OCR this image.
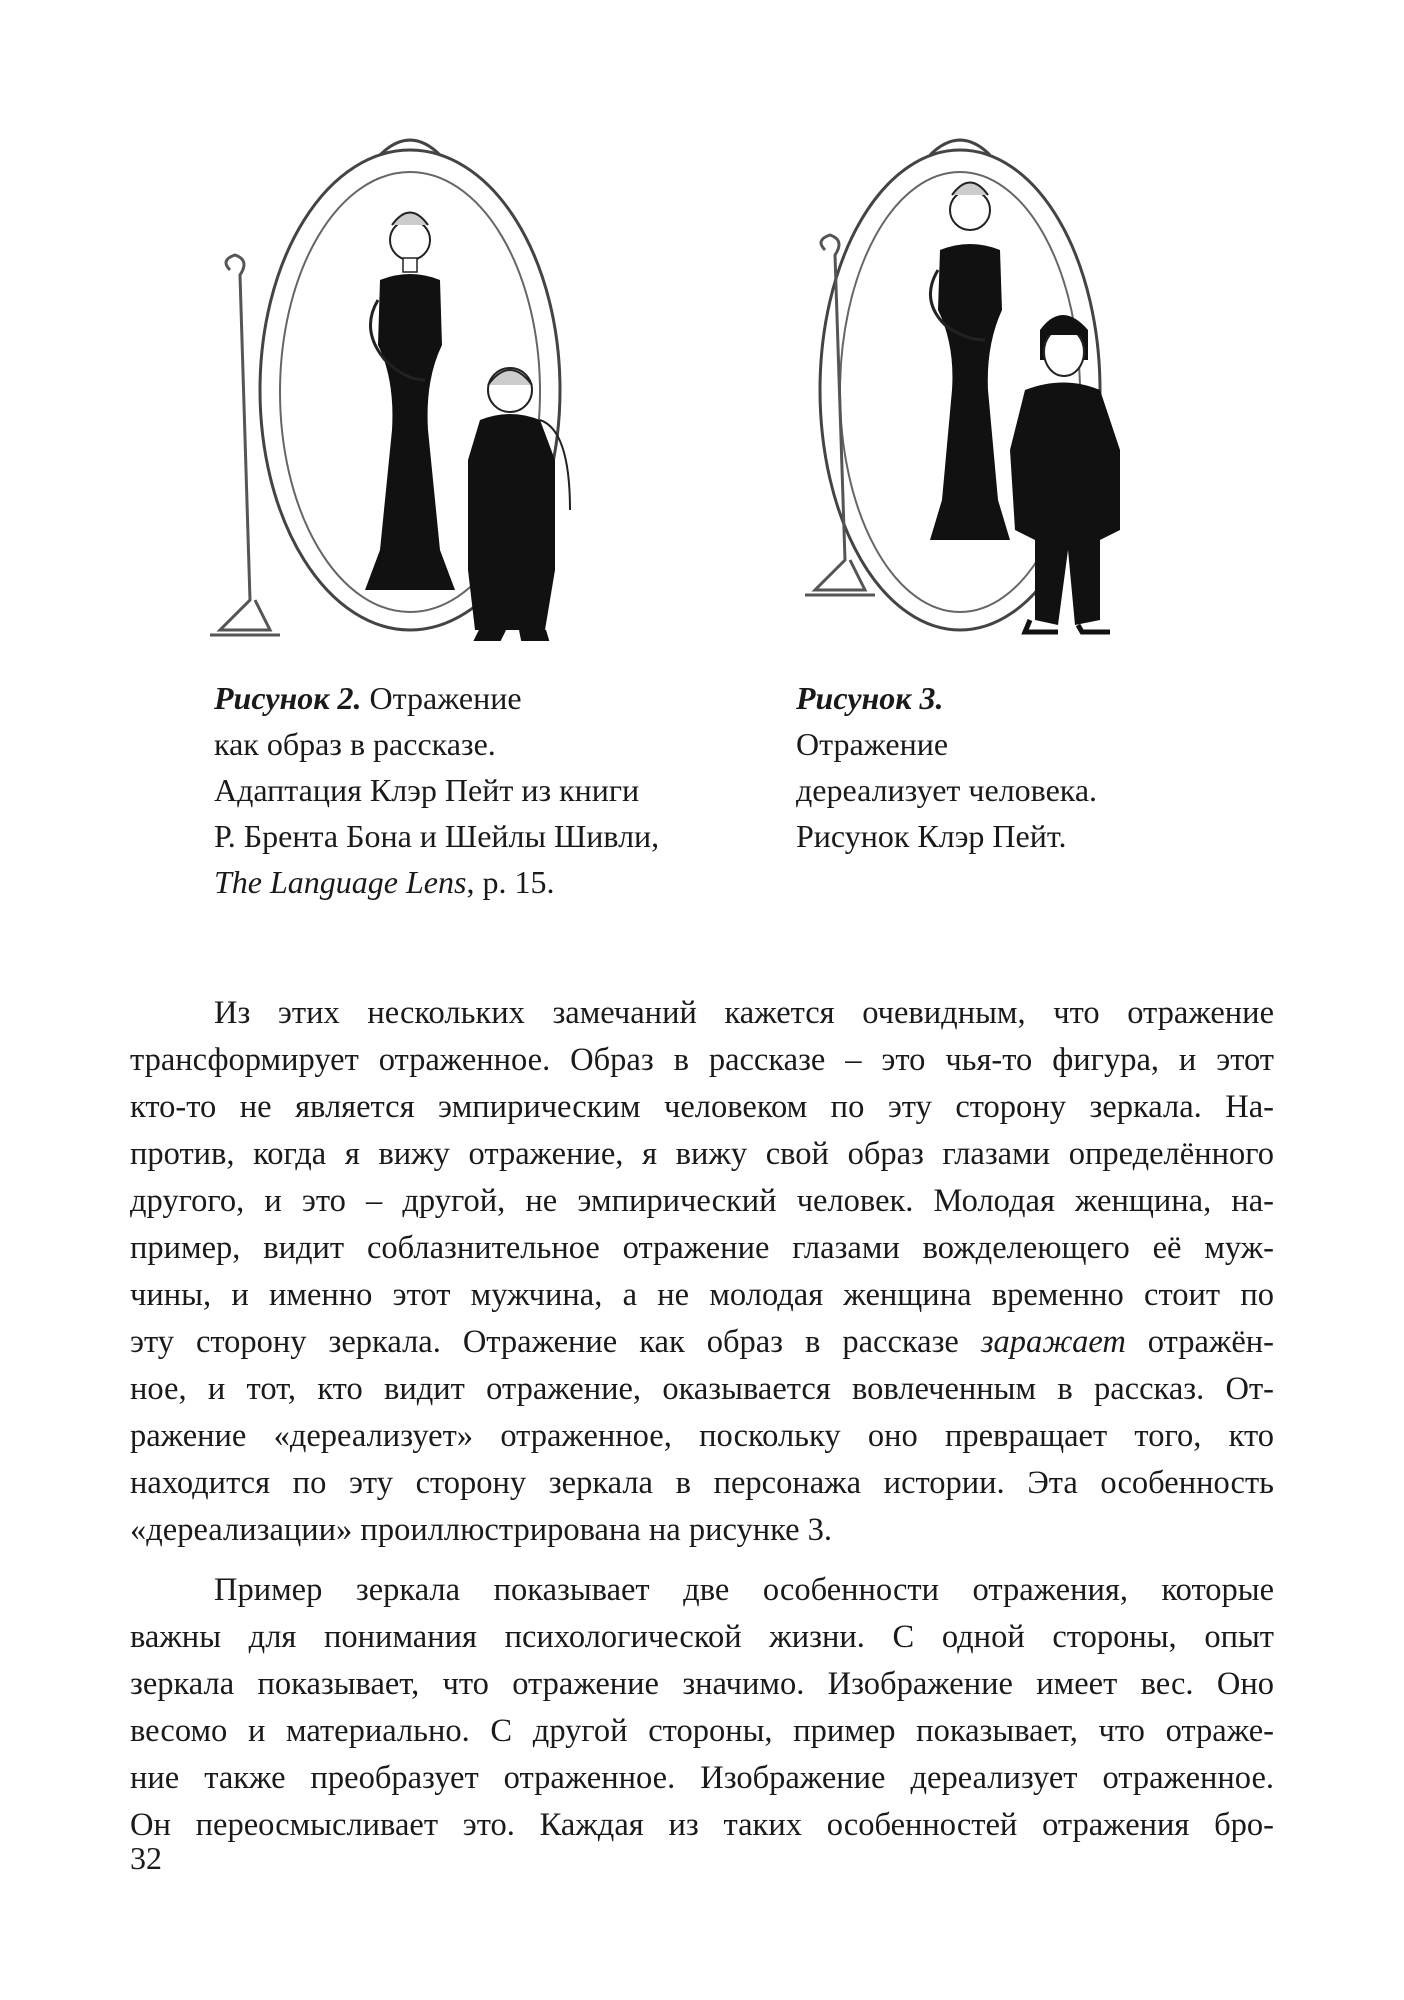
Рисунок 2. Отражение
как образ в рассказе.
Адаптация Клэр Пейт из книги
Р. Брента Бона и Шейлы Шивли,
The Language Lens, p. 15.
Рисунок 3.
Отражение
дереализует человека.
Рисунок Клэр Пейт.
Из этих нескольких замечаний кажется очевидным, что отражение
трансформирует отраженное. Образ в рассказе – это чья-то фигура, и этот
кто-то не является эмпирическим человеком по эту сторону зеркала. На-
против, когда я вижу отражение, я вижу свой образ глазами определённого
другого, и это – другой, не эмпирический человек. Молодая женщина, на-
пример, видит соблазнительное отражение глазами вожделеющего её муж-
чины, и именно этот мужчина, а не молодая женщина временно стоит по
эту сторону зеркала. Отражение как образ в рассказе заражает отражён-
ное, и тот, кто видит отражение, оказывается вовлеченным в рассказ. От-
ражение «дереализует» отраженное, поскольку оно превращает того, кто
находится по эту сторону зеркала в персонажа истории. Эта особенность
«дереализации» проиллюстрирована на рисунке 3.
Пример зеркала показывает две особенности отражения, которые
важны для понимания психологической жизни. С одной стороны, опыт
зеркала показывает, что отражение значимо. Изображение имеет вес. Оно
весомо и материально. С другой стороны, пример показывает, что отраже-
ние также преобразует отраженное. Изображение дереализует отраженное.
Он переосмысливает это. Каждая из таких особенностей отражения бро-
32
